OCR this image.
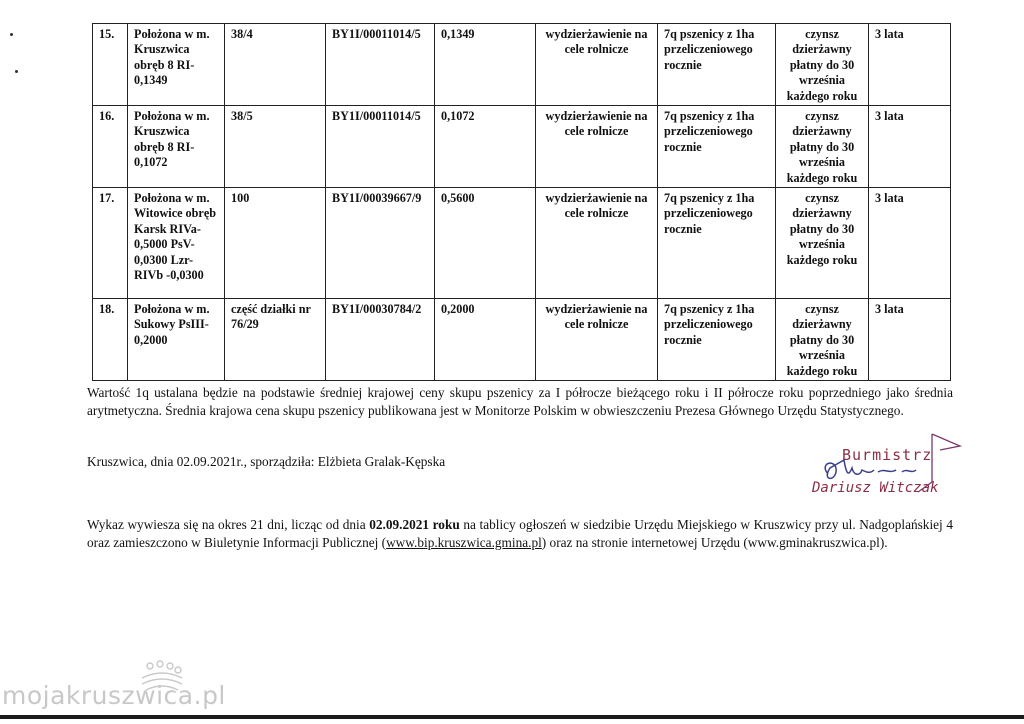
15.	Położona w m. Kruszwica obręb 8 RI-0,1349	38/4	BY1I/00011014/5	0,1349	wydzierżawienie na cele rolnicze	7q pszenicy z 1ha przeliczeniowego rocznie	czynsz dzierżawny płatny do 30 września każdego roku	3 lata
16.	Położona w m. Kruszwica obręb 8 RI-0,1072	38/5	BY1I/00011014/5	0,1072	wydzierżawienie na cele rolnicze	7q pszenicy z 1ha przeliczeniowego rocznie	czynsz dzierżawny płatny do 30 września każdego roku	3 lata
17.	Położona w m. Witowice obręb Karsk RIVa-0,5000 PsV-0,0300 Lzr-RIVb -0,0300	100	BY1I/00039667/9	0,5600	wydzierżawienie na cele rolnicze	7q pszenicy z 1ha przeliczeniowego rocznie	czynsz dzierżawny płatny do 30 września każdego roku	3 lata
18.	Położona w m. Sukowy PsIII-0,2000	część działki nr 76/29	BY1I/00030784/2	0,2000	wydzierżawienie na cele rolnicze	7q pszenicy z 1ha przeliczeniowego rocznie	czynsz dzierżawny płatny do 30 września każdego roku	3 lata

Wartość 1q ustalana będzie na podstawie średniej krajowej ceny skupu pszenicy za I półrocze bieżącego roku i II półrocze roku poprzedniego jako średnia arytmetyczna. Średnia krajowa cena skupu pszenicy publikowana jest w Monitorze Polskim w obwieszczeniu Prezesa Głównego Urzędu Statystycznego.

Kruszwica, dnia 02.09.2021r., sporządziła: Elżbieta Gralak-Kępska	Burmistrz
Dariusz Witczak

Wykaz wywiesza się na okres 21 dni, licząc od dnia 02.09.2021 roku na tablicy ogłoszeń w siedzibie Urzędu Miejskiego w Kruszwicy przy ul. Nadgoplańskiej 4 oraz zamieszczono w Biuletynie Informacji Publicznej (www.bip.kruszwica.gmina.pl) oraz na stronie internetowej Urzędu (www.gminakruszwica.pl).

mojakruszwica.pl
